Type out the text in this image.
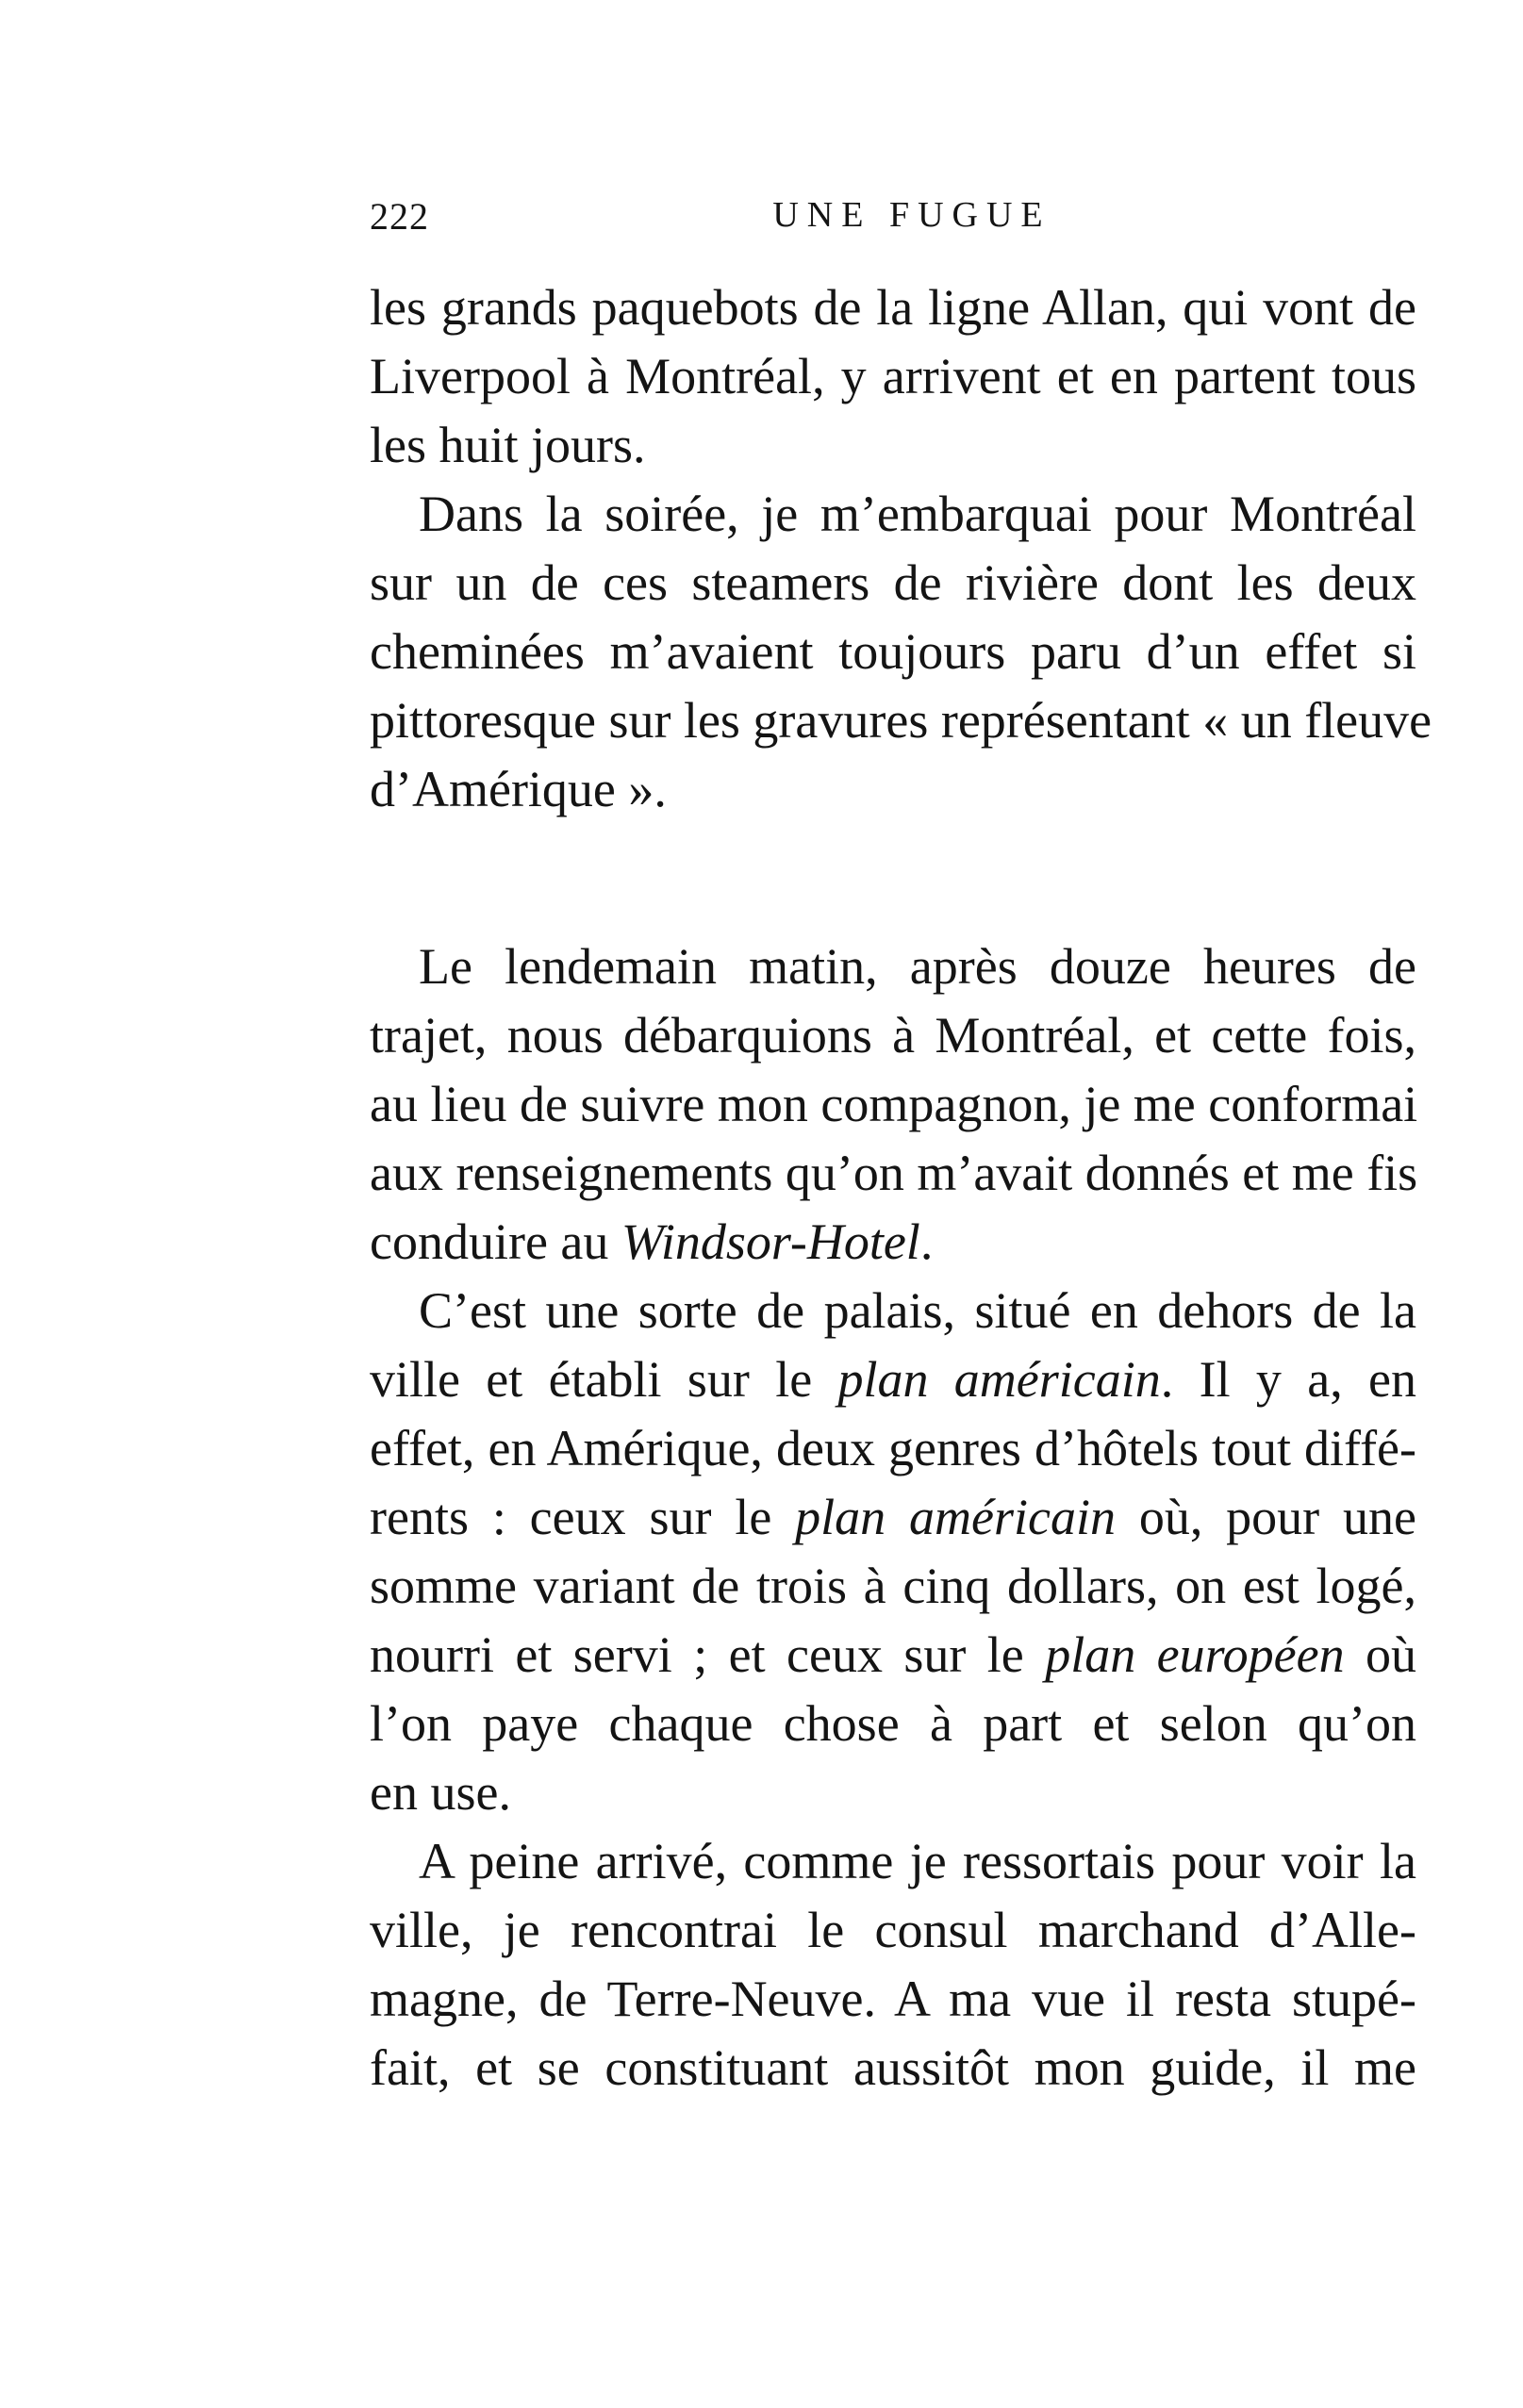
222	UNE FUGUE
les grands paquebots de la ligne Allan, qui vont de
Liverpool à Montréal, y arrivent et en partent tous
les huit jours.
Dans la soirée, je m’embarquai pour Montréal
sur un de ces steamers de rivière dont les deux
cheminées m’avaient toujours paru d’un effet si
pittoresque sur les gravures représentant « un fleuve
d’Amérique ».
Le lendemain matin, après douze heures de
trajet, nous débarquions à Montréal, et cette fois,
au lieu de suivre mon compagnon, je me conformai
aux renseignements qu’on m’avait donnés et me fis
conduire au Windsor-Hotel.
C’est une sorte de palais, situé en dehors de la
ville et établi sur le plan américain. Il y a, en
effet, en Amérique, deux genres d’hôtels tout diffé-
rents : ceux sur le plan américain où, pour une
somme variant de trois à cinq dollars, on est logé,
nourri et servi ; et ceux sur le plan européen où
l’on paye chaque chose à part et selon qu’on
en use.
A peine arrivé, comme je ressortais pour voir la
ville, je rencontrai le consul marchand d’Alle-
magne, de Terre-Neuve. A ma vue il resta stupé-
fait, et se constituant aussitôt mon guide, il me
